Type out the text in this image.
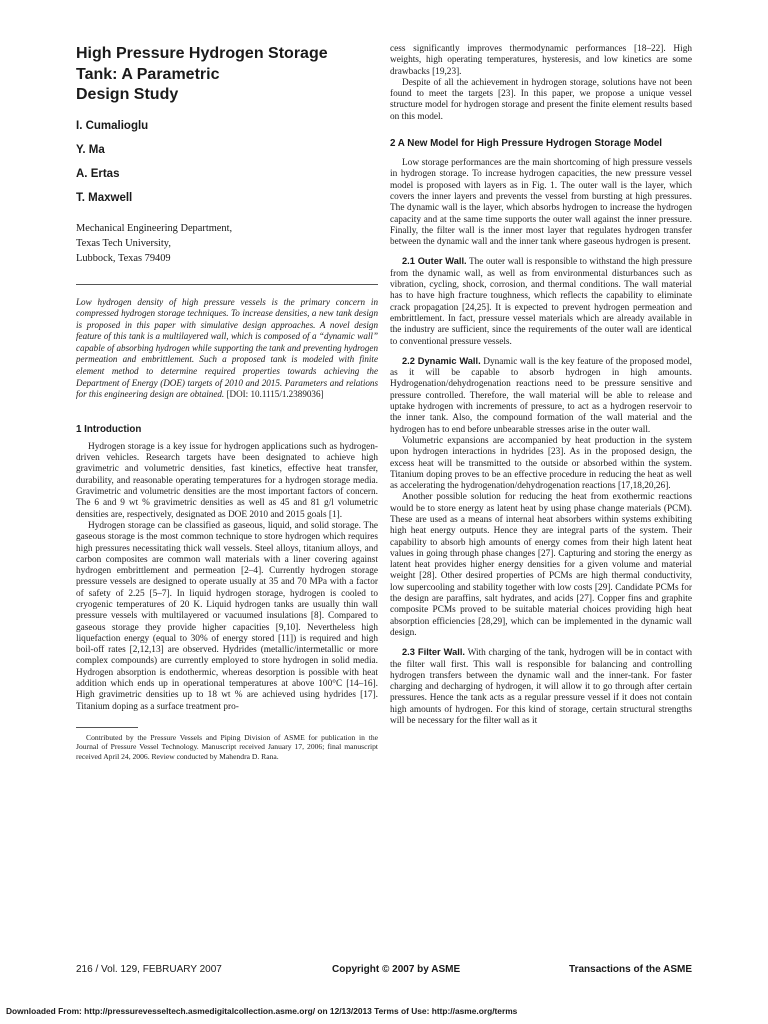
High Pressure Hydrogen Storage
Tank: A Parametric
Design Study
I. Cumalioglu
Y. Ma
A. Ertas
T. Maxwell
Mechanical Engineering Department,
Texas Tech University,
Lubbock, Texas 79409

Low hydrogen density of high pressure vessels is the primary concern in compressed hydrogen storage techniques. To increase densities, a new tank design is proposed in this paper with simulative design approaches. A novel design feature of this tank is a multilayered wall, which is composed of a “dynamic wall” capable of absorbing hydrogen while supporting the tank and preventing hydrogen permeation and embrittlement. Such a proposed tank is modeled with finite element method to determine required properties towards achieving the Department of Energy (DOE) targets of 2010 and 2015. Parameters and relations for this engineering design are obtained. [DOI: 10.1115/1.2389036]

1 Introduction

Hydrogen storage is a key issue for hydrogen applications such as hydrogen-driven vehicles. Research targets have been designated to achieve high gravimetric and volumetric densities, fast kinetics, effective heat transfer, durability, and reasonable operating temperatures for a hydrogen storage media. Gravimetric and volumetric densities are the most important factors of concern. The 6 and 9 wt % gravimetric densities as well as 45 and 81 g/l volumetric densities are, respectively, designated as DOE 2010 and 2015 goals [1].

Hydrogen storage can be classified as gaseous, liquid, and solid storage. The gaseous storage is the most common technique to store hydrogen which requires high pressures necessitating thick wall vessels. Steel alloys, titanium alloys, and carbon composites are common wall materials with a liner covering against hydrogen embrittlement and permeation [2–4]. Currently hydrogen storage pressure vessels are designed to operate usually at 35 and 70 MPa with a factor of safety of 2.25 [5–7]. In liquid hydrogen storage, hydrogen is cooled to cryogenic temperatures of 20 K. Liquid hydrogen tanks are usually thin wall pressure vessels with multilayered or vacuumed insulations [8]. Compared to gaseous storage they provide higher capacities [9,10]. Nevertheless high liquefaction energy (equal to 30% of energy stored [11]) is required and high boil-off rates [2,12,13] are observed. Hydrides (metallic/intermetallic or more complex compounds) are currently employed to store hydrogen in solid media. Hydrogen absorption is endothermic, whereas desorption is possible with heat addition which ends up in operational temperatures at above 100°C [14–16]. High gravimetric densities up to 18 wt % are achieved using hydrides [17]. Titanium doping as a surface treatment pro-

Contributed by the Pressure Vessels and Piping Division of ASME for publication in the Journal of Pressure Vessel Technology. Manuscript received January 17, 2006; final manuscript received April 24, 2006. Review conducted by Mahendra D. Rana.

cess significantly improves thermodynamic performances [18–22]. High weights, high operating temperatures, hysteresis, and low kinetics are some drawbacks [19,23].

Despite of all the achievement in hydrogen storage, solutions have not been found to meet the targets [23]. In this paper, we propose a unique vessel structure model for hydrogen storage and present the finite element results based on this model.

2 A New Model for High Pressure Hydrogen Storage Model

Low storage performances are the main shortcoming of high pressure vessels in hydrogen storage. To increase hydrogen capacities, the new pressure vessel model is proposed with layers as in Fig. 1. The outer wall is the layer, which covers the inner layers and prevents the vessel from bursting at high pressures. The dynamic wall is the layer, which absorbs hydrogen to increase the hydrogen capacity and at the same time supports the outer wall against the inner pressure. Finally, the filter wall is the inner most layer that regulates hydrogen transfer between the dynamic wall and the inner tank where gaseous hydrogen is present.

2.1 Outer Wall. The outer wall is responsible to withstand the high pressure from the dynamic wall, as well as from environmental disturbances such as vibration, cycling, shock, corrosion, and thermal conditions. The wall material has to have high fracture toughness, which reflects the capability to eliminate crack propagation [24,25]. It is expected to prevent hydrogen permeation and embrittlement. In fact, pressure vessel materials which are already available in the industry are sufficient, since the requirements of the outer wall are identical to conventional pressure vessels.

2.2 Dynamic Wall. Dynamic wall is the key feature of the proposed model, as it will be capable to absorb hydrogen in high amounts. Hydrogenation/dehydrogenation reactions need to be pressure sensitive and pressure controlled. Therefore, the wall material will be able to release and uptake hydrogen with increments of pressure, to act as a hydrogen reservoir to the inner tank. Also, the compound formation of the wall material and the hydrogen has to end before unbearable stresses arise in the outer wall.

Volumetric expansions are accompanied by heat production in the system upon hydrogen interactions in hydrides [23]. As in the proposed design, the excess heat will be transmitted to the outside or absorbed within the system. Titanium doping proves to be an effective procedure in reducing the heat as well as accelerating the hydrogenation/dehydrogenation reactions [17,18,20,26].

Another possible solution for reducing the heat from exothermic reactions would be to store energy as latent heat by using phase change materials (PCM). These are used as a means of internal heat absorbers within systems exhibiting high heat energy outputs. Hence they are integral parts of the system. Their capability to absorb high amounts of energy comes from their high latent heat values in going through phase changes [27]. Capturing and storing the energy as latent heat provides higher energy densities for a given volume and material weight [28]. Other desired properties of PCMs are high thermal conductivity, low supercooling and stability together with low costs [29]. Candidate PCMs for the design are paraffins, salt hydrates, and acids [27]. Copper fins and graphite composite PCMs proved to be suitable material choices providing high heat absorption efficiencies [28,29], which can be implemented in the dynamic wall design.

2.3 Filter Wall. With charging of the tank, hydrogen will be in contact with the filter wall first. This wall is responsible for balancing and controlling hydrogen transfers between the dynamic wall and the inner-tank. For faster charging and decharging of hydrogen, it will allow it to go through after certain pressures. Hence the tank acts as a regular pressure vessel if it does not contain high amounts of hydrogen. For this kind of storage, certain structural strengths will be necessary for the filter wall as it

216 / Vol. 129, FEBRUARY 2007	Copyright © 2007 by ASME	Transactions of the ASME
Downloaded From: http://pressurevesseltech.asmedigitalcollection.asme.org/ on 12/13/2013 Terms of Use: http://asme.org/terms
